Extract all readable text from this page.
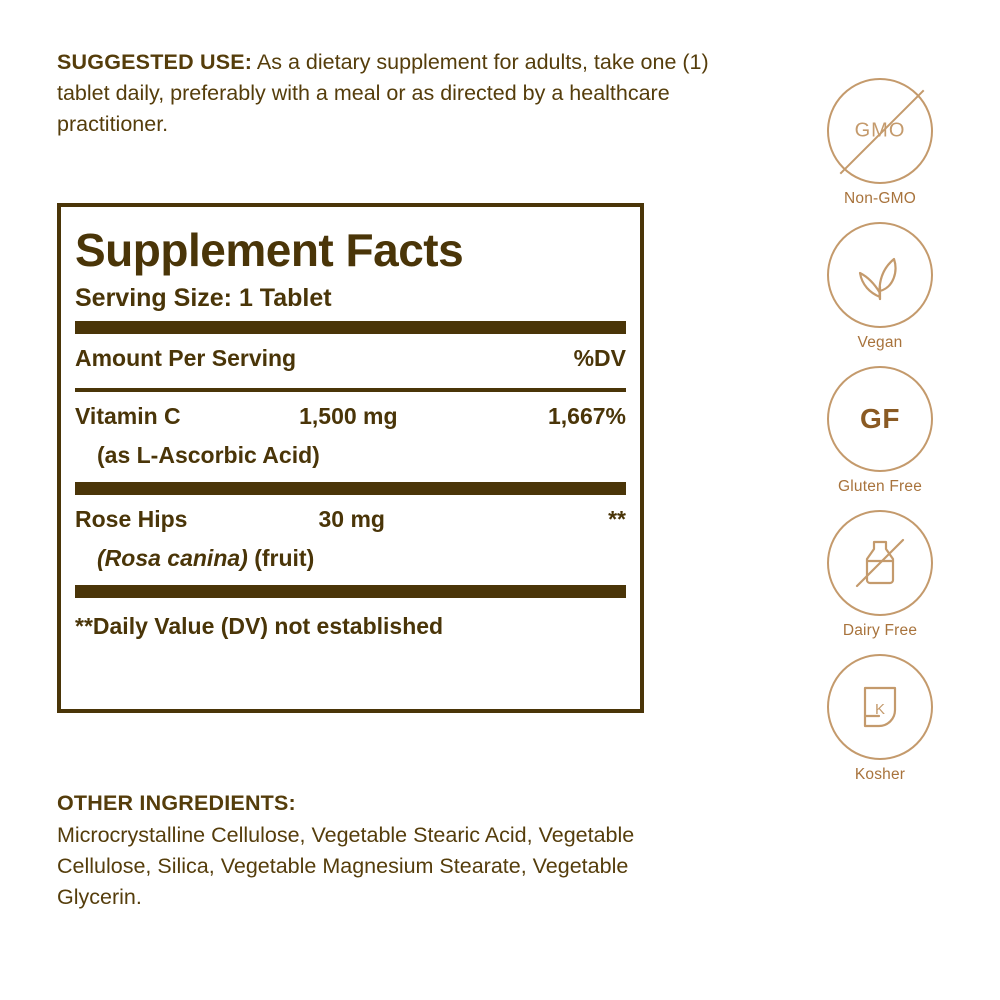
SUGGESTED USE: As a dietary supplement for adults, take one (1) tablet daily, preferably with a meal or as directed by a healthcare practitioner.
Supplement Facts
Serving Size: 1 Tablet
Amount Per Serving	%DV
Vitamin C	1,500 mg	1,667%
(as L-Ascorbic Acid)
Rose Hips	30 mg	**
(Rosa canina) (fruit)
**Daily Value (DV) not established
OTHER INGREDIENTS:
Microcrystalline Cellulose, Vegetable Stearic Acid, Vegetable Cellulose, Silica, Vegetable Magnesium Stearate, Vegetable Glycerin.
GMO
Non-GMO
Vegan
GF
Gluten Free
Dairy Free
K
Kosher
